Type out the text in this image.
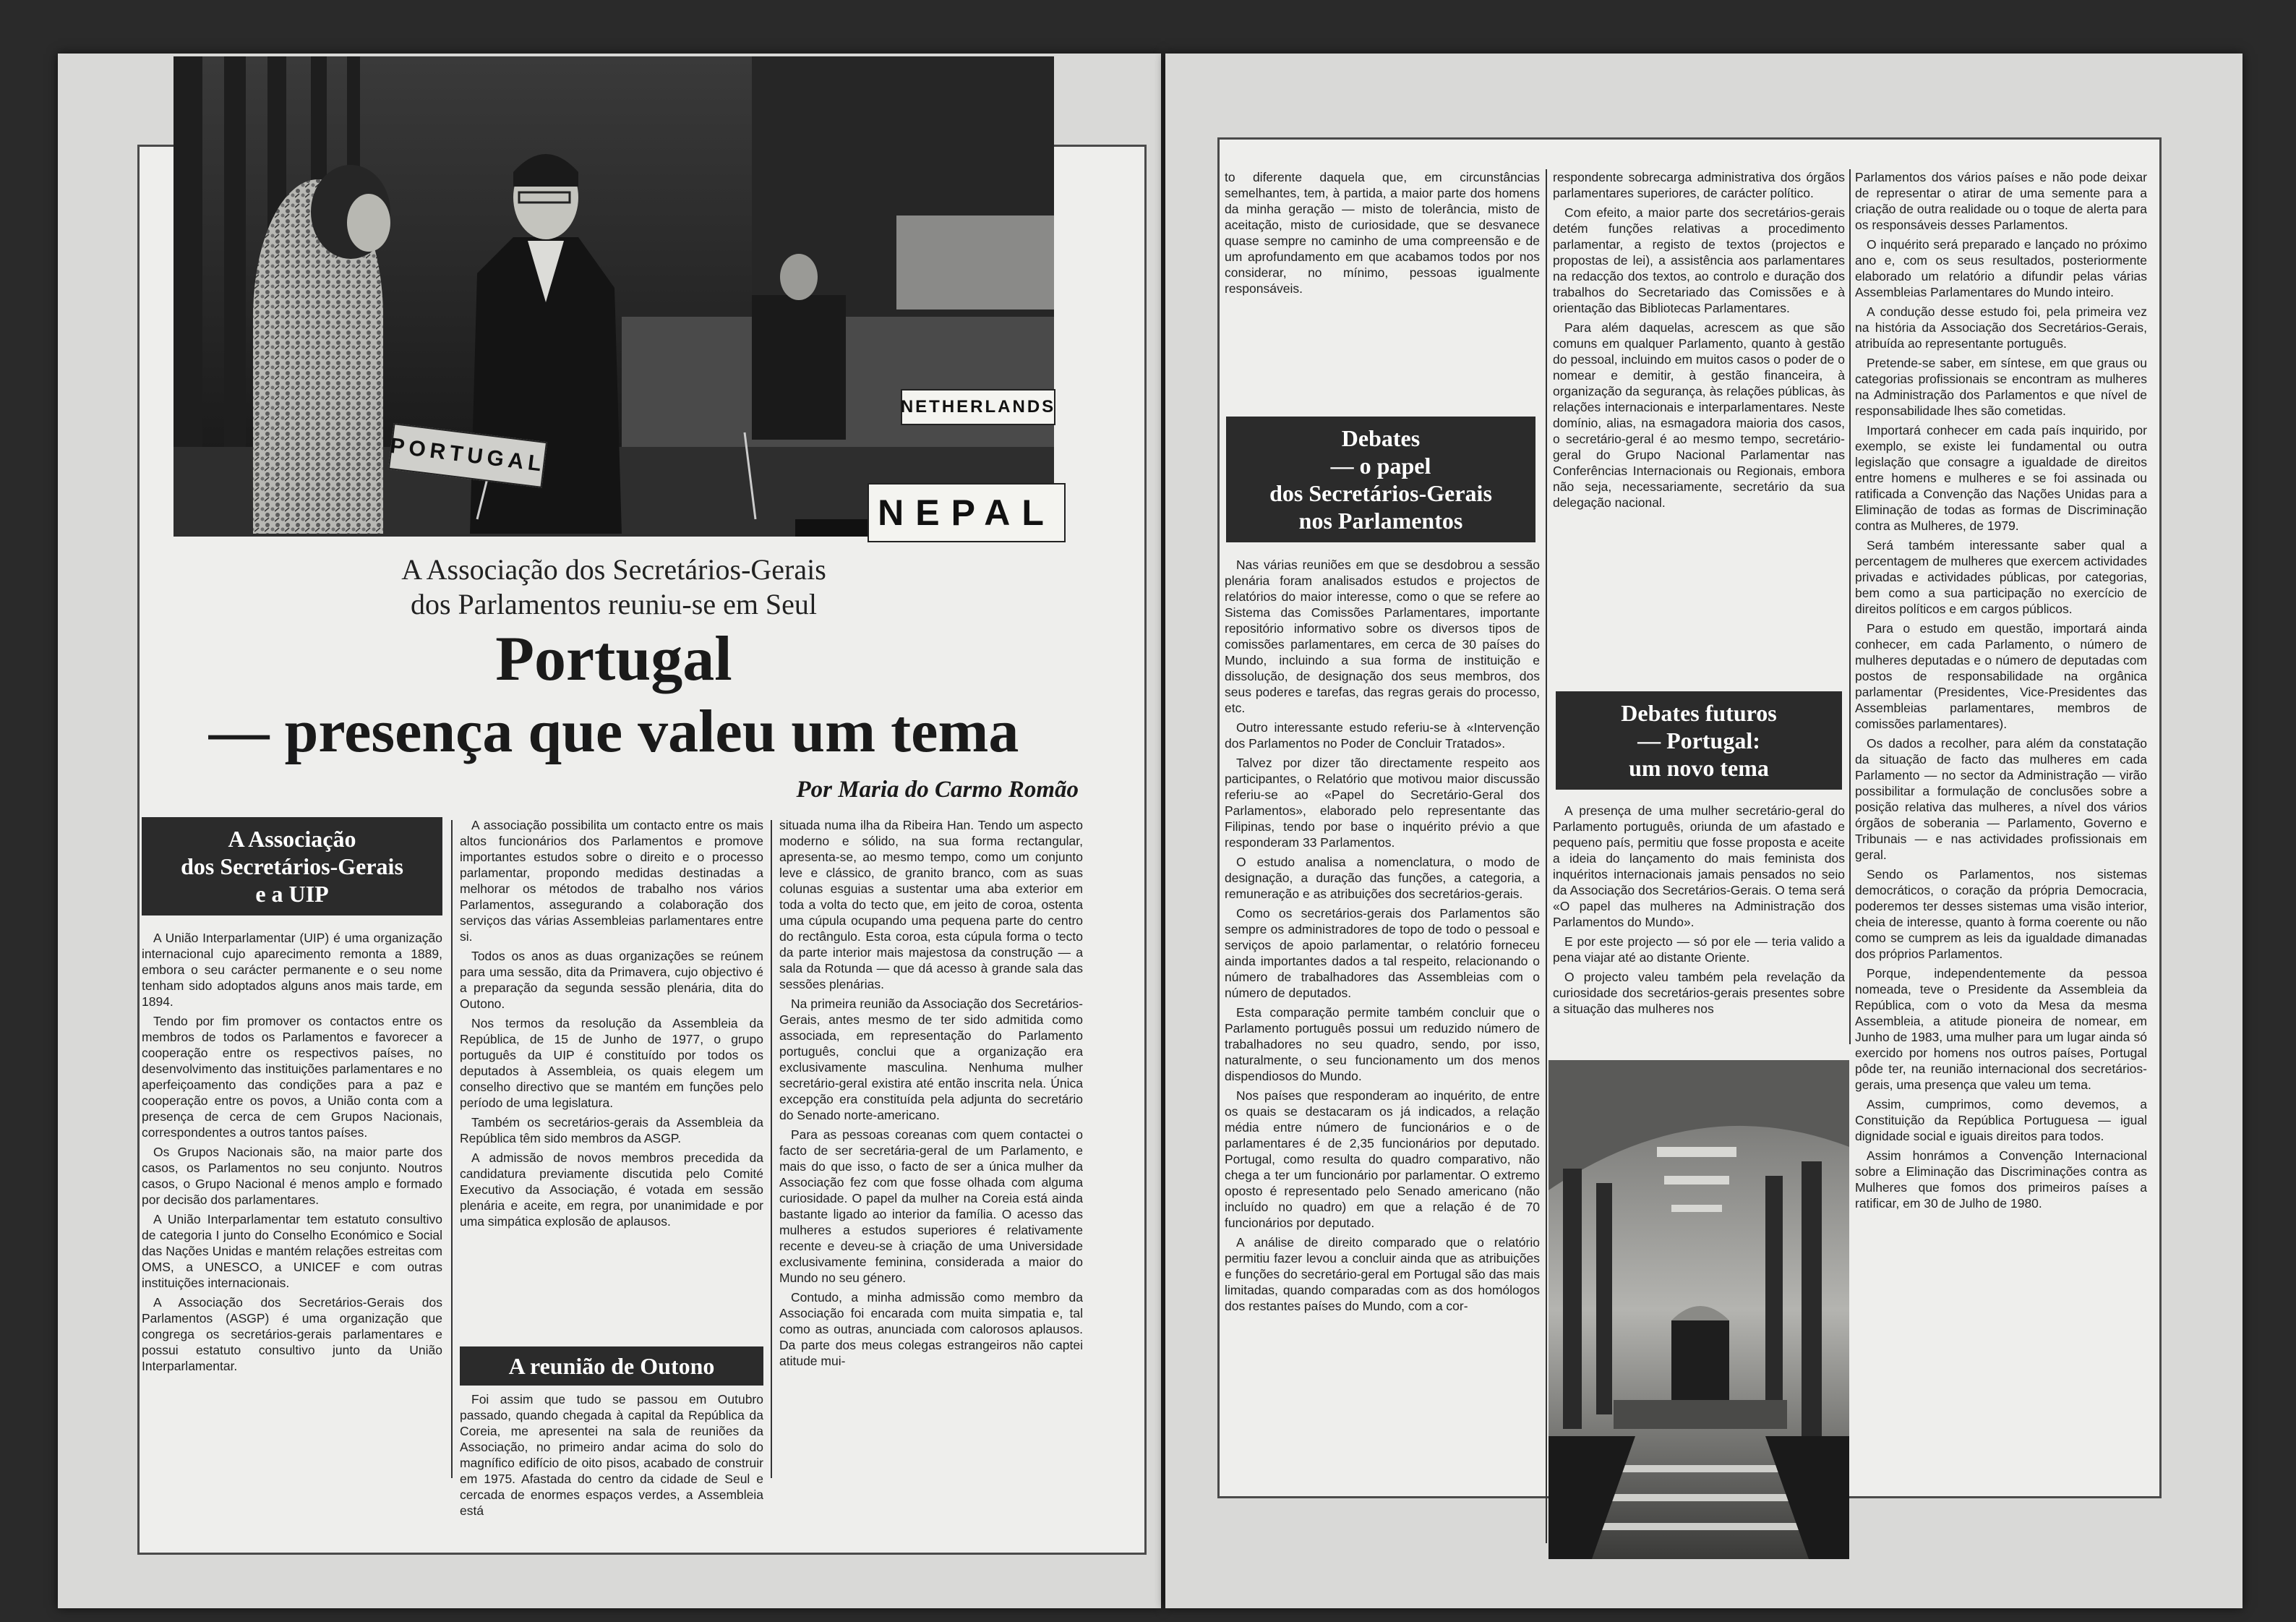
PORTUGAL
NETHERLANDS
NEPAL
A Associação dos Secretários-Gerais
dos Parlamentos reuniu-se em Seul
Portugal
— presença que valeu um tema
Por Maria do Carmo Romão
A Associação
dos Secretários-Gerais
e a UIP

A União Interparlamentar (UIP) é uma organização internacional cujo aparecimento remonta a 1889, embora o seu carácter permanente e o seu nome tenham sido adoptados alguns anos mais tarde, em 1894.

Tendo por fim promover os contactos entre os membros de todos os Parlamentos e favorecer a cooperação entre os respectivos países, no desenvolvimento das instituições parlamentares e no aperfeiçoamento das condições para a paz e cooperação entre os povos, a União conta com a presença de cerca de cem Grupos Nacionais, correspondentes a outros tantos países.

Os Grupos Nacionais são, na maior parte dos casos, os Parlamentos no seu conjunto. Noutros casos, o Grupo Nacional é menos amplo e formado por decisão dos parlamentares.

A União Interparlamentar tem estatuto consultivo de categoria I junto do Conselho Económico e Social das Nações Unidas e mantém relações estreitas com OMS, a UNESCO, a UNICEF e com outras instituições internacionais.

A Associação dos Secretários-Gerais dos Parlamentos (ASGP) é uma organização que congrega os secretários-gerais parlamentares e possui estatuto consultivo junto da União Interparlamentar.

A associação possibilita um contacto entre os mais altos funcionários dos Parlamentos e promove importantes estudos sobre o direito e o processo parlamentar, propondo medidas destinadas a melhorar os métodos de trabalho nos vários Parlamentos, assegurando a colaboração dos serviços das várias Assembleias parlamentares entre si.

Todos os anos as duas organizações se reúnem para uma sessão, dita da Primavera, cujo objectivo é a preparação da segunda sessão plenária, dita do Outono.

Nos termos da resolução da Assembleia da República, de 15 de Junho de 1977, o grupo português da UIP é constituído por todos os deputados à Assembleia, os quais elegem um conselho directivo que se mantém em funções pelo período de uma legislatura.

Também os secretários-gerais da Assembleia da República têm sido membros da ASGP.

A admissão de novos membros precedida da candidatura previamente discutida pelo Comité Executivo da Associação, é votada em sessão plenária e aceite, em regra, por unanimidade e por uma simpática explosão de aplausos.

A reunião de Outono

Foi assim que tudo se passou em Outubro passado, quando chegada à capital da República da Coreia, me apresentei na sala de reuniões da Associação, no primeiro andar acima do solo do magnífico edifício de oito pisos, acabado de construir em 1975. Afastada do centro da cidade de Seul e cercada de enormes espaços verdes, a Assembleia está

situada numa ilha da Ribeira Han. Tendo um aspecto moderno e sólido, na sua forma rectangular, apresenta-se, ao mesmo tempo, como um conjunto leve e clássico, de granito branco, com as suas colunas esguias a sustentar uma aba exterior em toda a volta do tecto que, em jeito de coroa, ostenta uma cúpula ocupando uma pequena parte do centro do rectângulo. Esta coroa, esta cúpula forma o tecto da parte interior mais majestosa da construção — a sala da Rotunda — que dá acesso à grande sala das sessões plenárias.

Na primeira reunião da Associação dos Secretários-Gerais, antes mesmo de ter sido admitida como associada, em representação do Parlamento português, conclui que a organização era exclusivamente masculina. Nenhuma mulher secretário-geral existira até então inscrita nela. Única excepção era constituída pela adjunta do secretário do Senado norte-americano.

Para as pessoas coreanas com quem contactei o facto de ser secretária-geral de um Parlamento, e mais do que isso, o facto de ser a única mulher da Associação fez com que fosse olhada com alguma curiosidade. O papel da mulher na Coreia está ainda bastante ligado ao interior da família. O acesso das mulheres a estudos superiores é relativamente recente e deveu-se à criação de uma Universidade exclusivamente feminina, considerada a maior do Mundo no seu género.

Contudo, a minha admissão como membro da Associação foi encarada com muita simpatia e, tal como as outras, anunciada com calorosos aplausos. Da parte dos meus colegas estrangeiros não captei atitude mui-

to diferente daquela que, em circunstâncias semelhantes, tem, à partida, a maior parte dos homens da minha geração — misto de tolerância, misto de aceitação, misto de curiosidade, que se desvanece quase sempre no caminho de uma compreensão e de um aprofundamento em que acabamos todos por nos considerar, no mínimo, pessoas igualmente responsáveis.

Debates
— o papel
dos Secretários-Gerais
nos Parlamentos

Nas várias reuniões em que se desdobrou a sessão plenária foram analisados estudos e projectos de relatórios do maior interesse, como o que se refere ao Sistema das Comissões Parlamentares, importante repositório informativo sobre os diversos tipos de comissões parlamentares, em cerca de 30 países do Mundo, incluindo a sua forma de instituição e dissolução, de designação dos seus membros, dos seus poderes e tarefas, das regras gerais do processo, etc.

Outro interessante estudo referiu-se à «Intervenção dos Parlamentos no Poder de Concluir Tratados».

Talvez por dizer tão directamente respeito aos participantes, o Relatório que motivou maior discussão referiu-se ao «Papel do Secretário-Geral dos Parlamentos», elaborado pelo representante das Filipinas, tendo por base o inquérito prévio a que responderam 33 Parlamentos.

O estudo analisa a nomenclatura, o modo de designação, a duração das funções, a categoria, a remuneração e as atribuições dos secretários-gerais.

Como os secretários-gerais dos Parlamentos são sempre os administradores de topo de todo o pessoal e serviços de apoio parlamentar, o relatório forneceu ainda importantes dados a tal respeito, relacionando o número de trabalhadores das Assembleias com o número de deputados.

Esta comparação permite também concluir que o Parlamento português possui um reduzido número de trabalhadores no seu quadro, sendo, por isso, naturalmente, o seu funcionamento um dos menos dispendiosos do Mundo.

Nos países que responderam ao inquérito, de entre os quais se destacaram os já indicados, a relação média entre número de funcionários e o de parlamentares é de 2,35 funcionários por deputado. Portugal, como resulta do quadro comparativo, não chega a ter um funcionário por parlamentar. O extremo oposto é representado pelo Senado americano (não incluído no quadro) em que a relação é de 70 funcionários por deputado.

A análise de direito comparado que o relatório permitiu fazer levou a concluir ainda que as atribuições e funções do secretário-geral em Portugal são das mais limitadas, quando comparadas com as dos homólogos dos restantes países do Mundo, com a cor-

respondente sobrecarga administrativa dos órgãos parlamentares superiores, de carácter político.

Com efeito, a maior parte dos secretários-gerais detém funções relativas a procedimento parlamentar, a registo de textos (projectos e propostas de lei), a assistência aos parlamentares na redacção dos textos, ao controlo e duração dos trabalhos do Secretariado das Comissões e à orientação das Bibliotecas Parlamentares.

Para além daquelas, acrescem as que são comuns em qualquer Parlamento, quanto à gestão do pessoal, incluindo em muitos casos o poder de o nomear e demitir, à gestão financeira, à organização da segurança, às relações públicas, às relações internacionais e interparlamentares. Neste domínio, alias, na esmagadora maioria dos casos, o secretário-geral é ao mesmo tempo, secretário-geral do Grupo Nacional Parlamentar nas Conferências Internacionais ou Regionais, embora não seja, necessariamente, secretário da sua delegação nacional.

Debates futuros
— Portugal:
um novo tema

A presença de uma mulher secretário-geral do Parlamento português, oriunda de um afastado e pequeno país, permitiu que fosse proposta e aceite a ideia do lançamento do mais feminista dos inquéritos internacionais jamais pensados no seio da Associação dos Secretários-Gerais. O tema será «O papel das mulheres na Administração dos Parlamentos do Mundo».

E por este projecto — só por ele — teria valido a pena viajar até ao distante Oriente.

O projecto valeu também pela revelação da curiosidade dos secretários-gerais presentes sobre a situação das mulheres nos

Parlamentos dos vários países e não pode deixar de representar o atirar de uma semente para a criação de outra realidade ou o toque de alerta para os responsáveis desses Parlamentos.

O inquérito será preparado e lançado no próximo ano e, com os seus resultados, posteriormente elaborado um relatório a difundir pelas várias Assembleias Parlamentares do Mundo inteiro.

A condução desse estudo foi, pela primeira vez na história da Associação dos Secretários-Gerais, atribuída ao representante português.

Pretende-se saber, em síntese, em que graus ou categorias profissionais se encontram as mulheres na Administração dos Parlamentos e que nível de responsabilidade lhes são cometidas.

Importará conhecer em cada país inquirido, por exemplo, se existe lei fundamental ou outra legislação que consagre a igualdade de direitos entre homens e mulheres e se foi assinada ou ratificada a Convenção das Nações Unidas para a Eliminação de todas as formas de Discriminação contra as Mulheres, de 1979.

Será também interessante saber qual a percentagem de mulheres que exercem actividades privadas e actividades públicas, por categorias, bem como a sua participação no exercício de direitos políticos e em cargos públicos.

Para o estudo em questão, importará ainda conhecer, em cada Parlamento, o número de mulheres deputadas e o número de deputadas com postos de responsabilidade na orgânica parlamentar (Presidentes, Vice-Presidentes das Assembleias parlamentares, membros de comissões parlamentares).

Os dados a recolher, para além da constatação da situação de facto das mulheres em cada Parlamento — no sector da Administração — virão possibilitar a formulação de conclusões sobre a posição relativa das mulheres, a nível dos vários órgãos de soberania — Parlamento, Governo e Tribunais — e nas actividades profissionais em geral.

Sendo os Parlamentos, nos sistemas democráticos, o coração da própria Democracia, poderemos ter desses sistemas uma visão interior, cheia de interesse, quanto à forma coerente ou não como se cumprem as leis da igualdade dimanadas dos próprios Parlamentos.

Porque, independentemente da pessoa nomeada, teve o Presidente da Assembleia da República, com o voto da Mesa da mesma Assembleia, a atitude pioneira de nomear, em Junho de 1983, uma mulher para um lugar ainda só exercido por homens nos outros países, Portugal pôde ter, na reunião internacional dos secretários-gerais, uma presença que valeu um tema.

Assim, cumprimos, como devemos, a Constituição da República Portuguesa — igual dignidade social e iguais direitos para todos.

Assim honrámos a Convenção Internacional sobre a Eliminação das Discriminações contra as Mulheres que fomos dos primeiros países a ratificar, em 30 de Julho de 1980.
